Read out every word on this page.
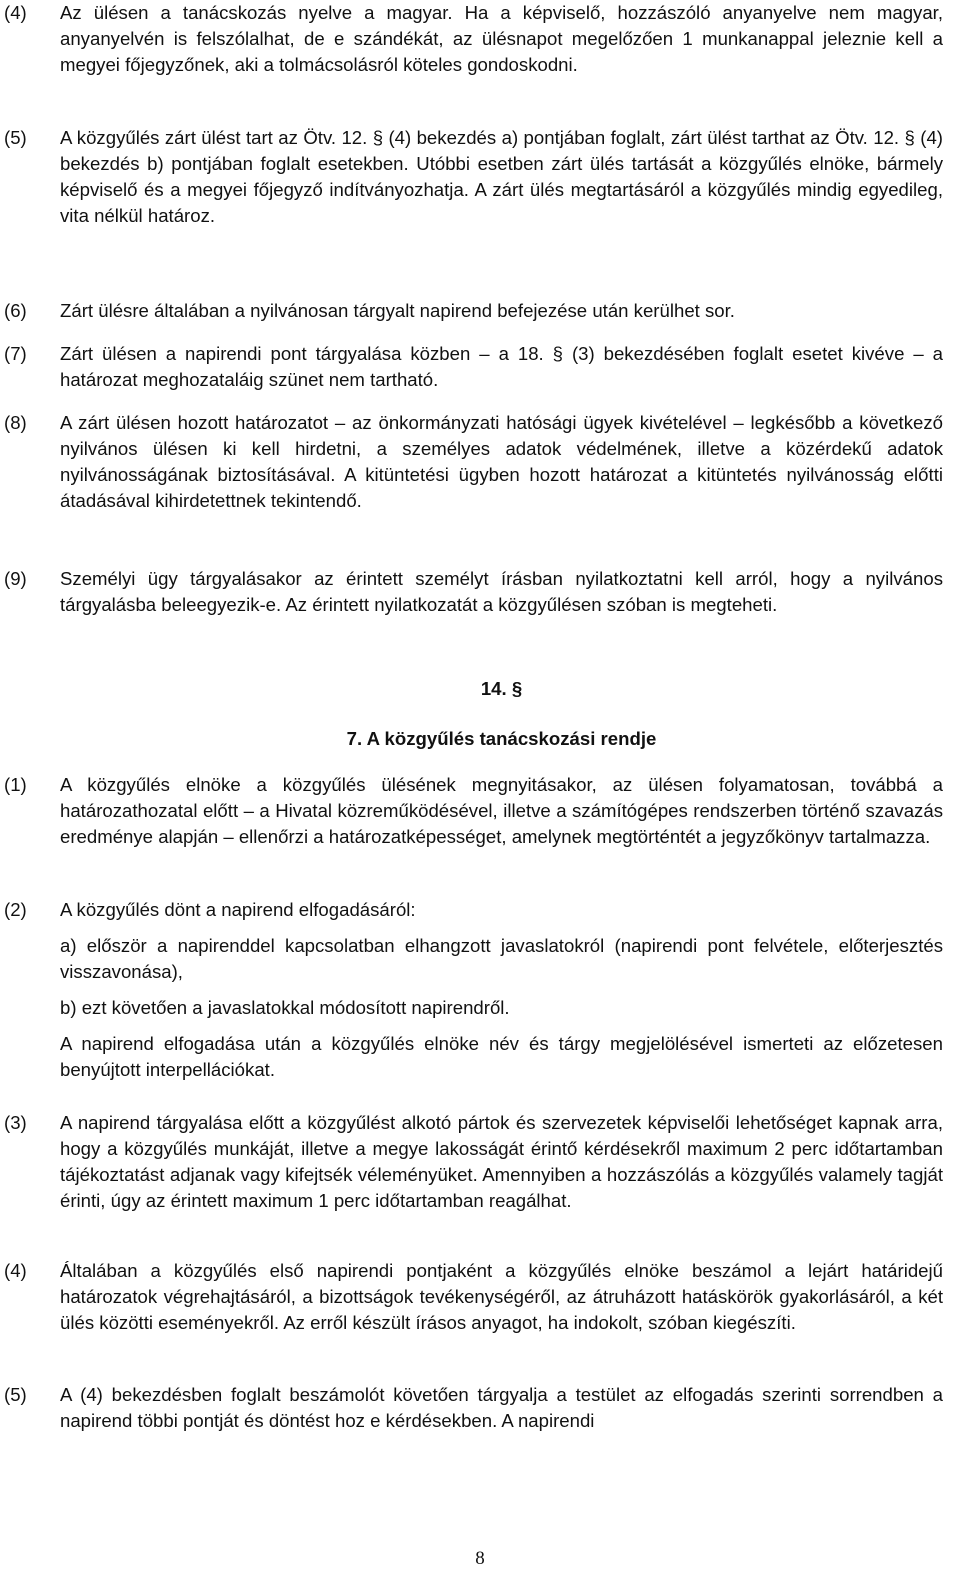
(4)	Az ülésen a tanácskozás nyelve a magyar. Ha a képviselő, hozzászóló anyanyelve nem magyar, anyanyelvén is felszólalhat, de e szándékát, az ülésnapot megelőzően 1 munkanappal jeleznie kell a megyei főjegyzőnek, aki a tolmácsolásról köteles gondoskodni.

(5)	A közgyűlés zárt ülést tart az Ötv. 12. § (4) bekezdés a) pontjában foglalt, zárt ülést tarthat az Ötv. 12. § (4) bekezdés b) pontjában foglalt esetekben. Utóbbi esetben zárt ülés tartását a közgyűlés elnöke, bármely képviselő és a megyei főjegyző indítványozhatja. A zárt ülés megtartásáról a közgyűlés mindig egyedileg, vita nélkül határoz.

(6)	Zárt ülésre általában a nyilvánosan tárgyalt napirend befejezése után kerülhet sor.

(7)	Zárt ülésen a napirendi pont tárgyalása közben – a 18. § (3) bekezdésében foglalt esetet kivéve – a határozat meghozataláig szünet nem tartható.

(8)	A zárt ülésen hozott határozatot – az önkormányzati hatósági ügyek kivételével – legkésőbb a következő nyilvános ülésen ki kell hirdetni, a személyes adatok védelmének, illetve a közérdekű adatok nyilvánosságának biztosításával. A kitüntetési ügyben hozott határozat a kitüntetés nyilvánosság előtti átadásával kihirdetettnek tekintendő.

(9)	Személyi ügy tárgyalásakor az érintett személyt írásban nyilatkoztatni kell arról, hogy a nyilvános tárgyalásba beleegyezik-e. Az érintett nyilatkozatát a közgyűlésen szóban is megteheti.

14. §

7. A közgyűlés tanácskozási rendje

(1)	A közgyűlés elnöke a közgyűlés ülésének megnyitásakor, az ülésen folyamatosan, továbbá a határozathozatal előtt – a Hivatal közreműködésével, illetve a számítógépes rendszerben történő szavazás eredménye alapján – ellenőrzi a határozatképességet, amelynek megtörténtét a jegyzőkönyv tartalmazza.

(2)	A közgyűlés dönt a napirend elfogadásáról:

a) először a napirenddel kapcsolatban elhangzott javaslatokról (napirendi pont felvétele, előterjesztés visszavonása),

b) ezt követően a javaslatokkal módosított napirendről.

A napirend elfogadása után a közgyűlés elnöke név és tárgy megjelölésével ismerteti az előzetesen benyújtott interpellációkat.

(3)	A napirend tárgyalása előtt a közgyűlést alkotó pártok és szervezetek képviselői lehetőséget kapnak arra, hogy a közgyűlés munkáját, illetve a megye lakosságát érintő kérdésekről maximum 2 perc időtartamban tájékoztatást adjanak vagy kifejtsék véleményüket. Amennyiben a hozzászólás a közgyűlés valamely tagját érinti, úgy az érintett maximum 1 perc időtartamban reagálhat.

(4)	Általában a közgyűlés első napirendi pontjaként a közgyűlés elnöke beszámol a lejárt határidejű határozatok végrehajtásáról, a bizottságok tevékenységéről, az átruházott hatáskörök gyakorlásáról, a két ülés közötti eseményekről. Az erről készült írásos anyagot, ha indokolt, szóban kiegészíti.

(5)	A (4) bekezdésben foglalt beszámolót követően tárgyalja a testület az elfogadás szerinti sorrendben a napirend többi pontját és döntést hoz e kérdésekben. A napirendi

8
